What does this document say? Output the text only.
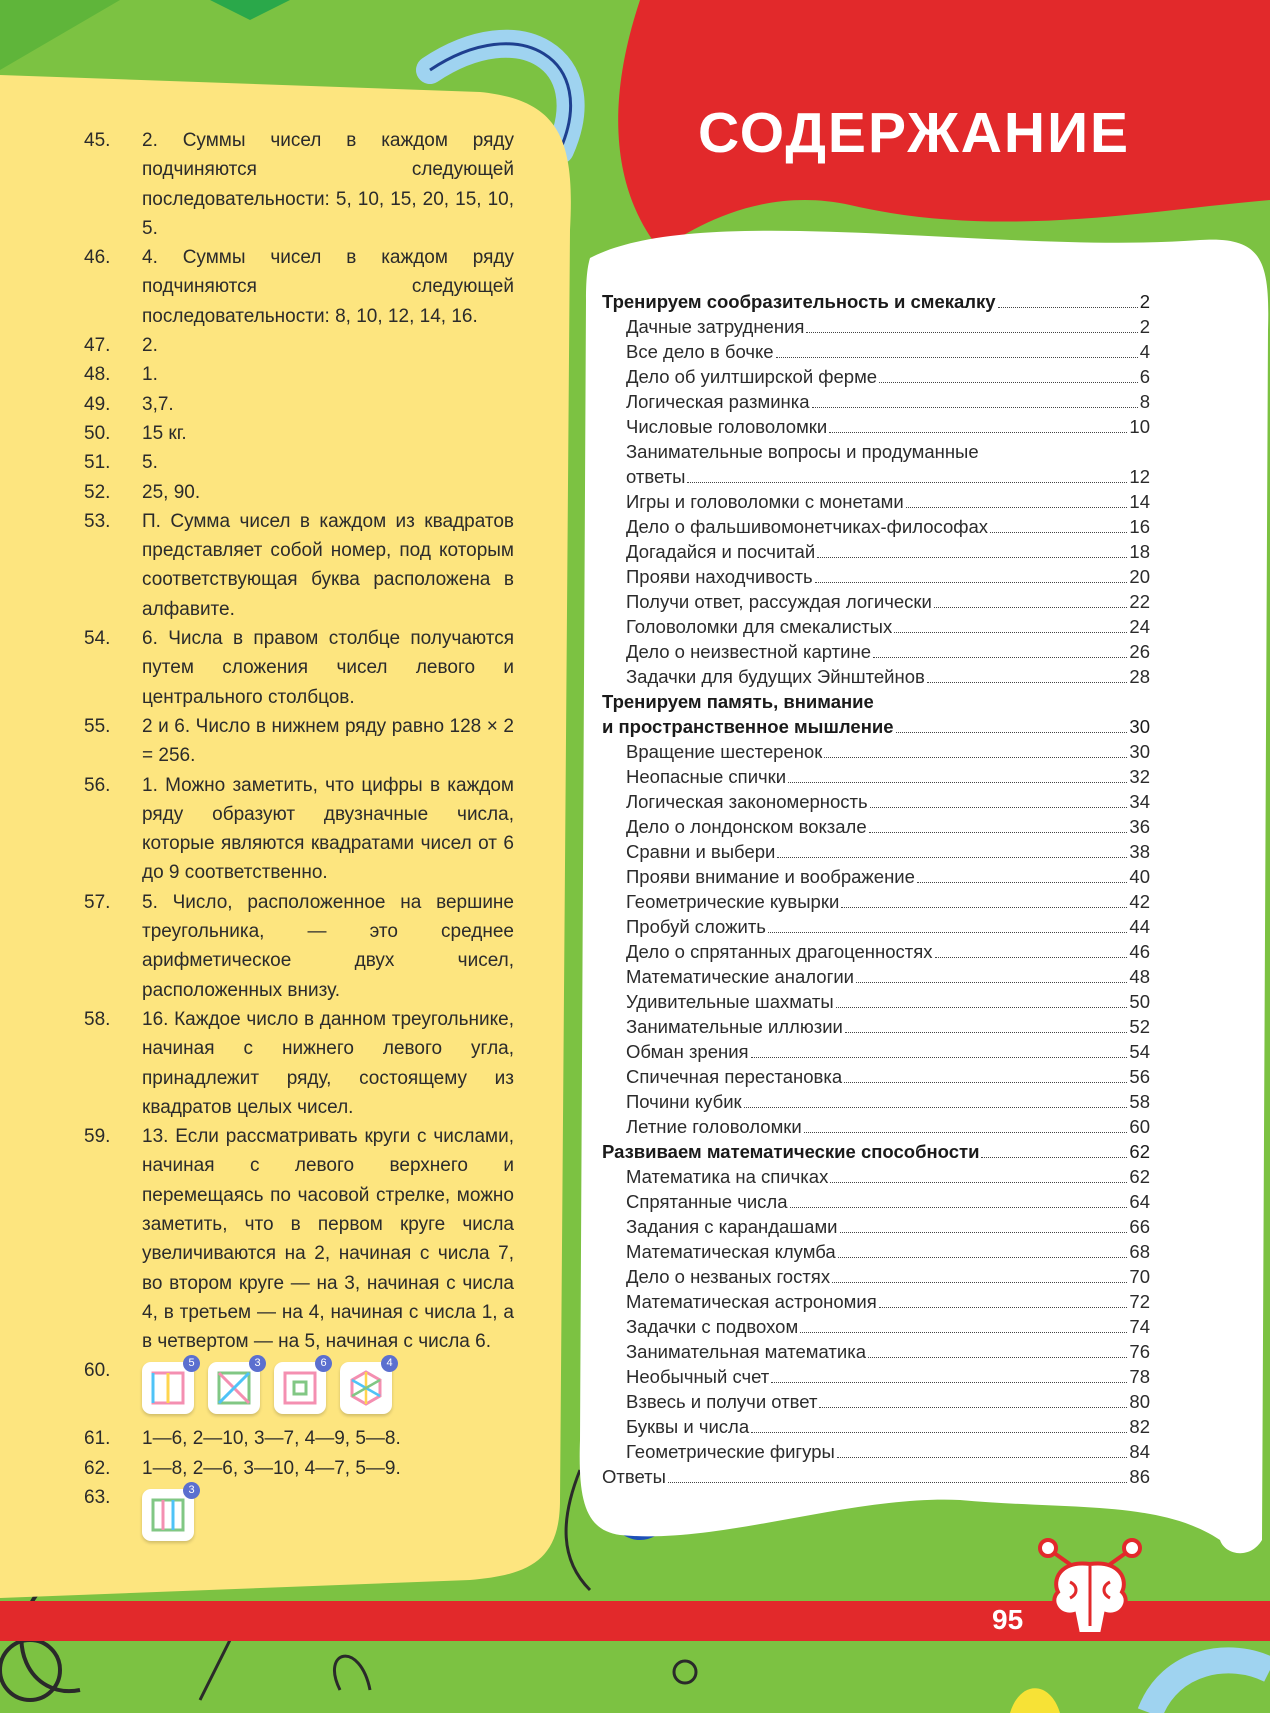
СОДЕРЖАНИЕ
45.	2. Суммы чисел в каждом ряду подчиняются следующей последовательности: 5, 10, 15, 20, 15, 10, 5.
46.	4. Суммы чисел в каждом ряду подчиняются следующей последовательности: 8, 10, 12, 14, 16.
47.	2.
48.	1.
49.	3,7.
50.	15 кг.
51.	5.
52.	25, 90.
53.	П. Сумма чисел в каждом из квадратов представляет собой номер, под которым соответствующая буква расположена в алфавите.
54.	6. Числа в правом столбце получаются путем сложения чисел левого и центрального столбцов.
55.	2 и 6. Число в нижнем ряду равно 128 × 2 = 256.
56.	1. Можно заметить, что цифры в каждом ряду образуют двузначные числа, которые являются квадратами чисел от 6 до 9 соответственно.
57.	5. Число, расположенное на вершине треугольника, — это среднее арифметическое двух чисел, расположенных внизу.
58.	16. Каждое число в данном треугольнике, начиная с нижнего левого угла, принадлежит ряду, состоящему из квадратов целых чисел.
59.	13. Если рассматривать круги с числами, начиная с левого верхнего и перемещаясь по часовой стрелке, можно заметить, что в первом круге числа увеличиваются на 2, начиная с числа 7, во втором круге — на 3, начиная с числа 4, в третьем — на 4, начиная с числа 1, а в четвертом — на 5, начиная с числа 6.
60.	5	3	6	4
61.	1—6, 2—10, 3—7, 4—9, 5—8.
62.	1—8, 2—6, 3—10, 4—7, 5—9.
63.	3
Тренируем сообразительность и смекалку	2
Дачные затруднения	2
Все дело в бочке	4
Дело об уилтширской ферме	6
Логическая разминка	8
Числовые головоломки	10
Занимательные вопросы и продуманные
ответы	12
Игры и головоломки с монетами	14
Дело о фальшивомонетчиках-философах	16
Догадайся и посчитай	18
Прояви находчивость	20
Получи ответ, рассуждая логически	22
Головоломки для смекалистых	24
Дело о неизвестной картине	26
Задачки для будущих Эйнштейнов	28
Тренируем память, внимание
и пространственное мышление	30
Вращение шестеренок	30
Неопасные спички	32
Логическая закономерность	34
Дело о лондонском вокзале	36
Сравни и выбери	38
Прояви внимание и воображение	40
Геометрические кувырки	42
Пробуй сложить	44
Дело о спрятанных драгоценностях	46
Математические аналогии	48
Удивительные шахматы	50
Занимательные иллюзии	52
Обман зрения	54
Спичечная перестановка	56
Почини кубик	58
Летние головоломки	60
Развиваем математические способности	62
Математика на спичках	62
Спрятанные числа	64
Задания с карандашами	66
Математическая клумба	68
Дело о незваных гостях	70
Математическая астрономия	72
Задачки с подвохом	74
Занимательная математика	76
Необычный счет	78
Взвесь и получи ответ	80
Буквы и числа	82
Геометрические фигуры	84
Ответы	86
95
